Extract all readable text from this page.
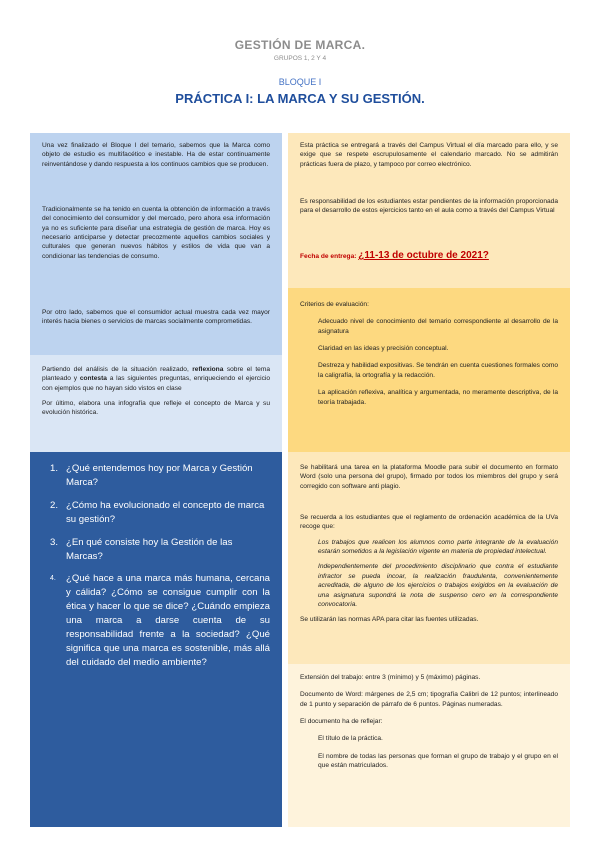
GESTIÓN DE MARCA.
GRUPOS 1, 2 Y 4
BLOQUE I
PRÁCTICA I: LA MARCA Y SU GESTIÓN.

Una vez finalizado el Bloque I del temario, sabemos que la Marca como objeto de estudio es multifacético e inestable. Ha de estar continuamente reinventándose y dando respuesta a los continuos cambios que se producen.

Tradicionalmente se ha tenido en cuenta la obtención de información a través del conocimiento del consumidor y del mercado, pero ahora esa información ya no es suficiente para diseñar una estrategia de gestión de marca. Hoy es necesario anticiparse y detectar precozmente aquellos cambios sociales y culturales que generan nuevos hábitos y estilos de vida que van a condicionar las tendencias de consumo.

Por otro lado, sabemos que el consumidor actual muestra cada vez mayor interés hacia bienes o servicios de marcas socialmente comprometidas.

Partiendo del análisis de la situación realizado, reflexiona sobre el tema planteado y contesta a las siguientes preguntas, enriqueciendo el ejercicio con ejemplos que no hayan sido vistos en clase

Por último, elabora una infografía que refleje el concepto de Marca y su evolución histórica.

1. ¿Qué entendemos hoy por Marca y Gestión Marca?
2. ¿Cómo ha evolucionado el concepto de marca su gestión?
3. ¿En qué consiste hoy la Gestión de las Marcas?
4.	¿Qué hace a una marca más humana, cercana y cálida? ¿Cómo se consigue cumplir con la ética y hacer lo que se dice? ¿Cuándo empieza una marca a darse cuenta de su responsabilidad frente a la sociedad? ¿Qué significa que una marca es sostenible, más allá del cuidado del medio ambiente?

Esta práctica se entregará a través del Campus Virtual el día marcado para ello, y se exige que se respete escrupulosamente el calendario marcado. No se admitirán prácticas fuera de plazo, y tampoco por correo electrónico.

Es responsabilidad de los estudiantes estar pendientes de la información proporcionada para el desarrollo de estos ejercicios tanto en el aula como a través del Campus Virtual

Fecha de entrega: ¿11-13 de octubre de 2021?

Criterios de evaluación:

Adecuado nivel de conocimiento del temario correspondiente al desarrollo de la asignatura

Claridad en las ideas y precisión conceptual.

Destreza y habilidad expositivas. Se tendrán en cuenta cuestiones formales como la caligrafía, la ortografía y la redacción.

La aplicación reflexiva, analítica y argumentada, no meramente descriptiva, de la teoría trabajada.

Se habilitará una tarea en la plataforma Moodle para subir el documento en formato Word (solo una persona del grupo), firmado por todos los miembros del grupo y será corregido con software anti plagio.

Se recuerda a los estudiantes que el reglamento de ordenación académica de la UVa recoge que:

Los trabajos que realicen los alumnos como parte integrante de la evaluación estarán sometidos a la legislación vigente en materia de propiedad intelectual.

Independientemente del procedimiento disciplinario que contra el estudiante infractor se pueda incoar, la realización fraudulenta, convenientemente acreditada, de alguno de los ejercicios o trabajos exigidos en la evaluación de una asignatura supondrá la nota de suspenso cero en la correspondiente convocatoria.

Se utilizarán las normas APA para citar las fuentes utilizadas.

Extensión del trabajo: entre 3 (mínimo) y 5 (máximo) páginas.

Documento de Word: márgenes de 2,5 cm; tipografía Calibri de 12 puntos; interlineado de 1 punto y separación de párrafo de 6 puntos. Páginas numeradas.

El documento ha de reflejar:

El título de la práctica.

El nombre de todas las personas que forman el grupo de trabajo y el grupo en el que están matriculados.
